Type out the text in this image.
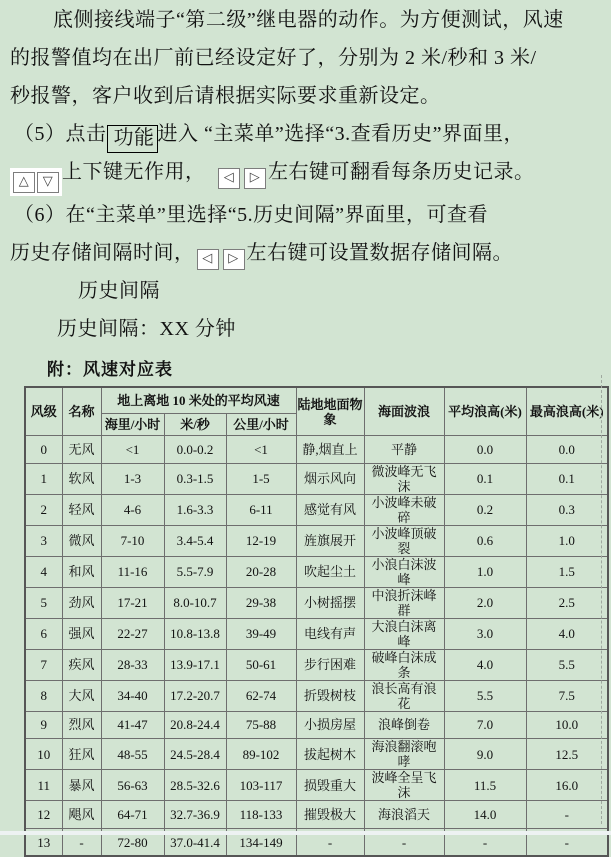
底侧接线端子“第二级”继电器的动作。为方便测试，风速
的报警值均在出厂前已经设定好了，分别为 2 米/秒和 3 米/
秒报警，客户收到后请根据实际要求重新设定。
（5）点击 功能 进入 “主菜单”选择“3.查看历史”界面里，
△ ▽ 上下键无作用，　◁ ▷ 左右键可翻看每条历史记录。
（6）在“主菜单”里选择“5.历史间隔”界面里，可查看
历史存储间隔时间， ◁ ▷ 左右键可设置数据存储间隔。
历史间隔
历史间隔：XX 分钟
附：风速对应表
风级	名称	地上离地 10 米处的平均风速			陆地地面物象	海面波浪	平均浪高(米)	最高浪高(米)
		海里/小时	米/秒	公里/小时				
0	无风	<1	0.0-0.2	<1	静,烟直上	平静	0.0	0.0
1	软风	1-3	0.3-1.5	1-5	烟示风向	微波峰无飞沫	0.1	0.1
2	轻风	4-6	1.6-3.3	6-11	感觉有风	小波峰未破碎	0.2	0.3
3	微风	7-10	3.4-5.4	12-19	旌旗展开	小波峰顶破裂	0.6	1.0
4	和风	11-16	5.5-7.9	20-28	吹起尘土	小浪白沫波峰	1.0	1.5
5	劲风	17-21	8.0-10.7	29-38	小树摇摆	中浪折沫峰群	2.0	2.5
6	强风	22-27	10.8-13.8	39-49	电线有声	大浪白沫离峰	3.0	4.0
7	疾风	28-33	13.9-17.1	50-61	步行困难	破峰白沫成条	4.0	5.5
8	大风	34-40	17.2-20.7	62-74	折毁树枝	浪长高有浪花	5.5	7.5
9	烈风	41-47	20.8-24.4	75-88	小损房屋	浪峰倒卷	7.0	10.0
10	狂风	48-55	24.5-28.4	89-102	拔起树木	海浪翻滚咆哮	9.0	12.5
11	暴风	56-63	28.5-32.6	103-117	损毁重大	波峰全呈飞沫	11.5	16.0
12	飓风	64-71	32.7-36.9	118-133	摧毁极大	海浪滔天	14.0	-
13	-	72-80	37.0-41.4	134-149	-	-	-	-
